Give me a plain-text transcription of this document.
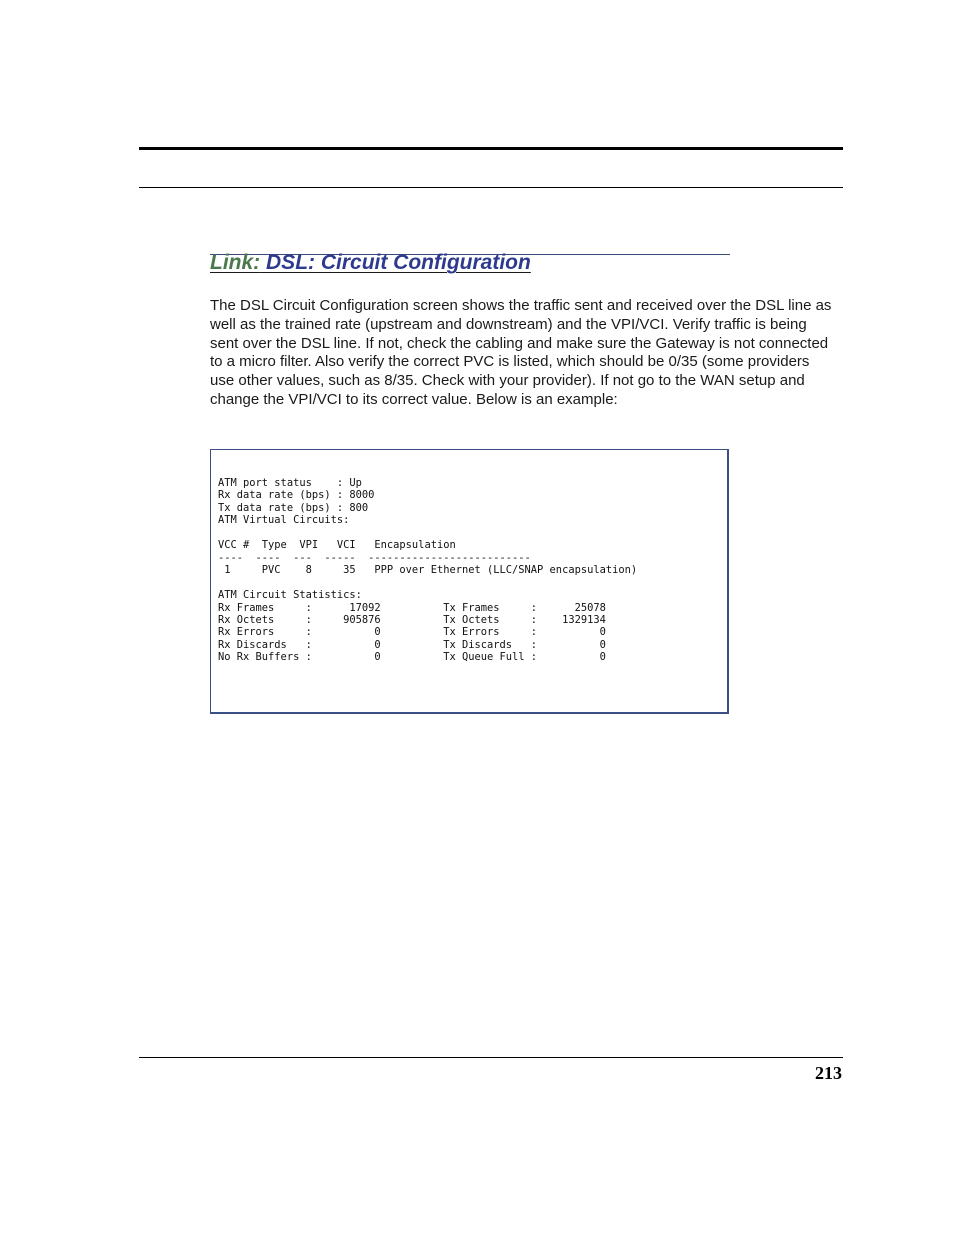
Link: DSL: Circuit Configuration

The DSL Circuit Configuration screen shows the traffic sent and received over the DSL line as well as the trained rate (upstream and downstream) and the VPI/VCI. Verify traffic is being sent over the DSL line. If not, check the cabling and make sure the Gateway is not connected to a micro filter. Also verify the correct PVC is listed, which should be 0/35 (some providers use other values, such as 8/35. Check with your provider). If not go to the WAN setup and change the VPI/VCI to its correct value. Below is an example:

ATM port status    : Up
Rx data rate (bps) : 8000
Tx data rate (bps) : 800
ATM Virtual Circuits:

VCC #  Type  VPI   VCI   Encapsulation
----  ----  ---  -----  --------------------------
1     PVC    8     35   PPP over Ethernet (LLC/SNAP encapsulation)

ATM Circuit Statistics:
Rx Frames     :      17092          Tx Frames     :      25078
Rx Octets     :     905876          Tx Octets     :    1329134
Rx Errors     :          0          Tx Errors     :          0
Rx Discards   :          0          Tx Discards   :          0
No Rx Buffers :          0          Tx Queue Full :          0

213
